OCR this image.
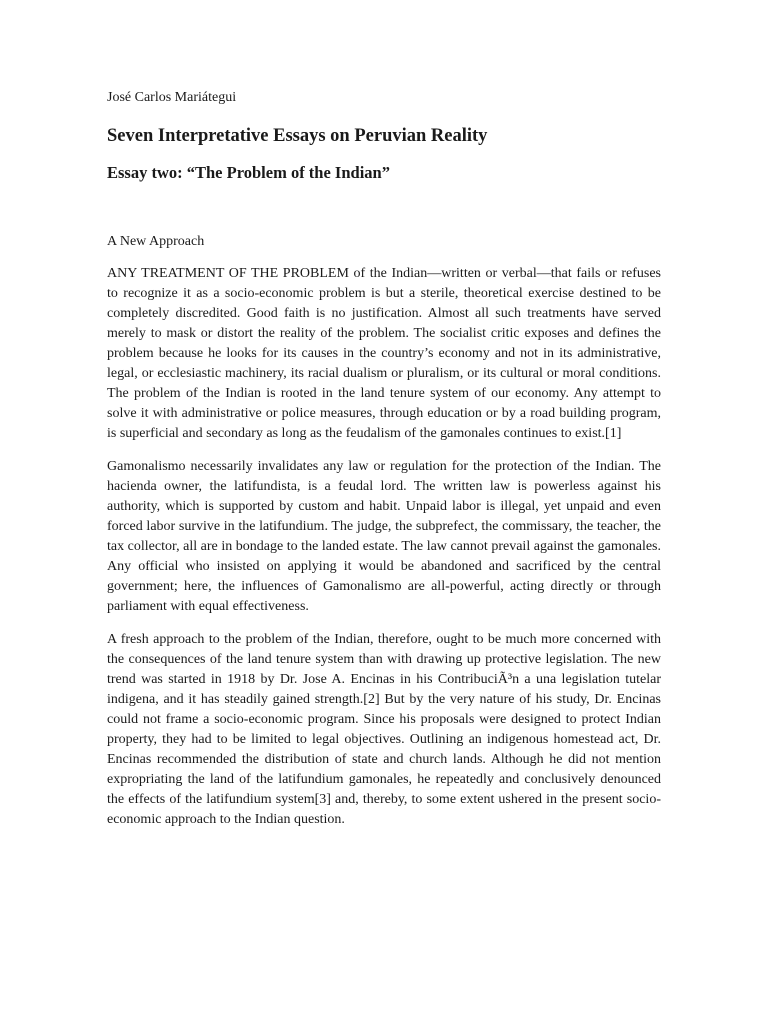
José Carlos Mariátegui

Seven Interpretative Essays on Peruvian Reality
Essay two: “The Problem of the Indian”

A New Approach

ANY TREATMENT OF THE PROBLEM of the Indian—written or verbal—that fails or refuses to recognize it as a socio-economic problem is but a sterile, theoretical exercise destined to be completely discredited. Good faith is no justification. Almost all such treatments have served merely to mask or distort the reality of the problem. The socialist critic exposes and defines the problem because he looks for its causes in the country’s economy and not in its administrative, legal, or ecclesiastic machinery, its racial dualism or pluralism, or its cultural or moral conditions. The problem of the Indian is rooted in the land tenure system of our economy. Any attempt to solve it with administrative or police measures, through education or by a road building program, is superficial and secondary as long as the feudalism of the gamonales continues to exist.[1]

Gamonalismo necessarily invalidates any law or regulation for the protection of the Indian. The hacienda owner, the latifundista, is a feudal lord. The written law is powerless against his authority, which is supported by custom and habit. Unpaid labor is illegal, yet unpaid and even forced labor survive in the latifundium. The judge, the subprefect, the commissary, the teacher, the tax collector, all are in bondage to the landed estate. The law cannot prevail against the gamonales. Any official who insisted on applying it would be abandoned and sacrificed by the central government; here, the influences of Gamonalismo are all-powerful, acting directly or through parliament with equal effectiveness.

A fresh approach to the problem of the Indian, therefore, ought to be much more concerned with the consequences of the land tenure system than with drawing up protective legislation. The new trend was started in 1918 by Dr. Jose A. Encinas in his ContribuciÃ³n a una legislation tutelar indigena, and it has steadily gained strength.[2] But by the very nature of his study, Dr. Encinas could not frame a socio-economic program. Since his proposals were designed to protect Indian property, they had to be limited to legal objectives. Outlining an indigenous homestead act, Dr. Encinas recommended the distribution of state and church lands. Although he did not mention expropriating the land of the latifundium gamonales, he repeatedly and conclusively denounced the effects of the latifundium system[3] and, thereby, to some extent ushered in the present socio-economic approach to the Indian question.
